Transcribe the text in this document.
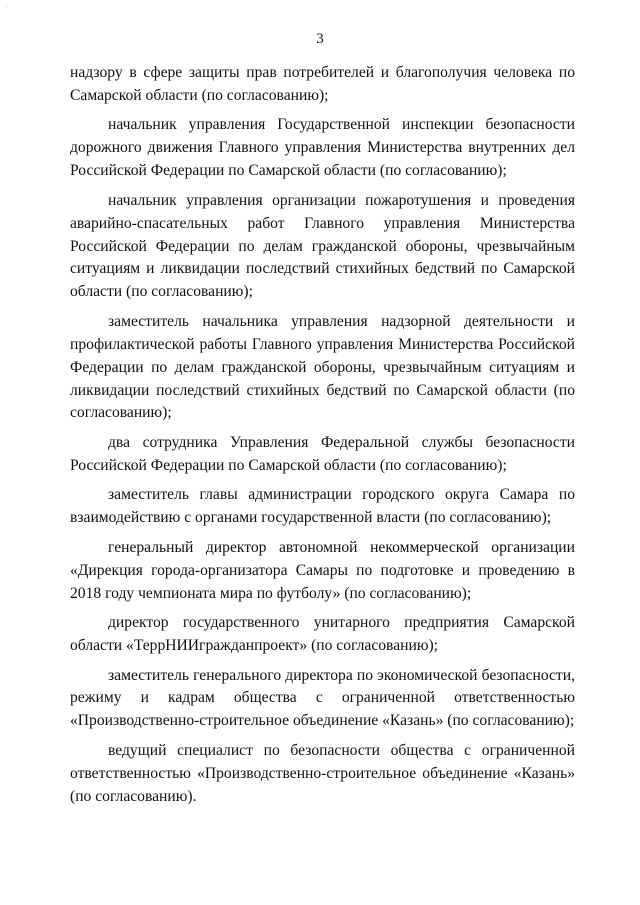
:
3

надзору в сфере защиты прав потребителей и благополучия человека по Самарской области (по согласованию);

начальник управления Государственной инспекции безопасности дорожного движения Главного управления Министерства внутренних дел Российской Федерации по Самарской области (по согласованию);

начальник управления организации пожаротушения и проведения аварийно-спасательных работ Главного управления Министерства Российской Федерации по делам гражданской обороны, чрезвычайным ситуациям и ликвидации последствий стихийных бедствий по Самарской области (по согласованию);

заместитель начальника управления надзорной деятельности и профилактической работы Главного управления Министерства Российской Федерации по делам гражданской обороны, чрезвычайным ситуациям и ликвидации последствий стихийных бедствий по Самарской области (по согласованию);

два сотрудника Управления Федеральной службы безопасности Российской Федерации по Самарской области (по согласованию);

заместитель главы администрации городского округа Самара по взаимодействию с органами государственной власти (по согласованию);

генеральный директор автономной некоммерческой организации «Дирекция города-организатора Самары по подготовке и проведению в 2018 году чемпионата мира по футболу» (по согласованию);

директор государственного унитарного предприятия Самарской области «ТеррНИИгражданпроект» (по согласованию);

заместитель генерального директора по экономической безопасности, режиму и кадрам общества с ограниченной ответственностью «Производственно-строительное объединение «Казань» (по согласованию);

ведущий специалист по безопасности общества с ограниченной ответственностью «Производственно-строительное объединение «Казань» (по согласованию).
